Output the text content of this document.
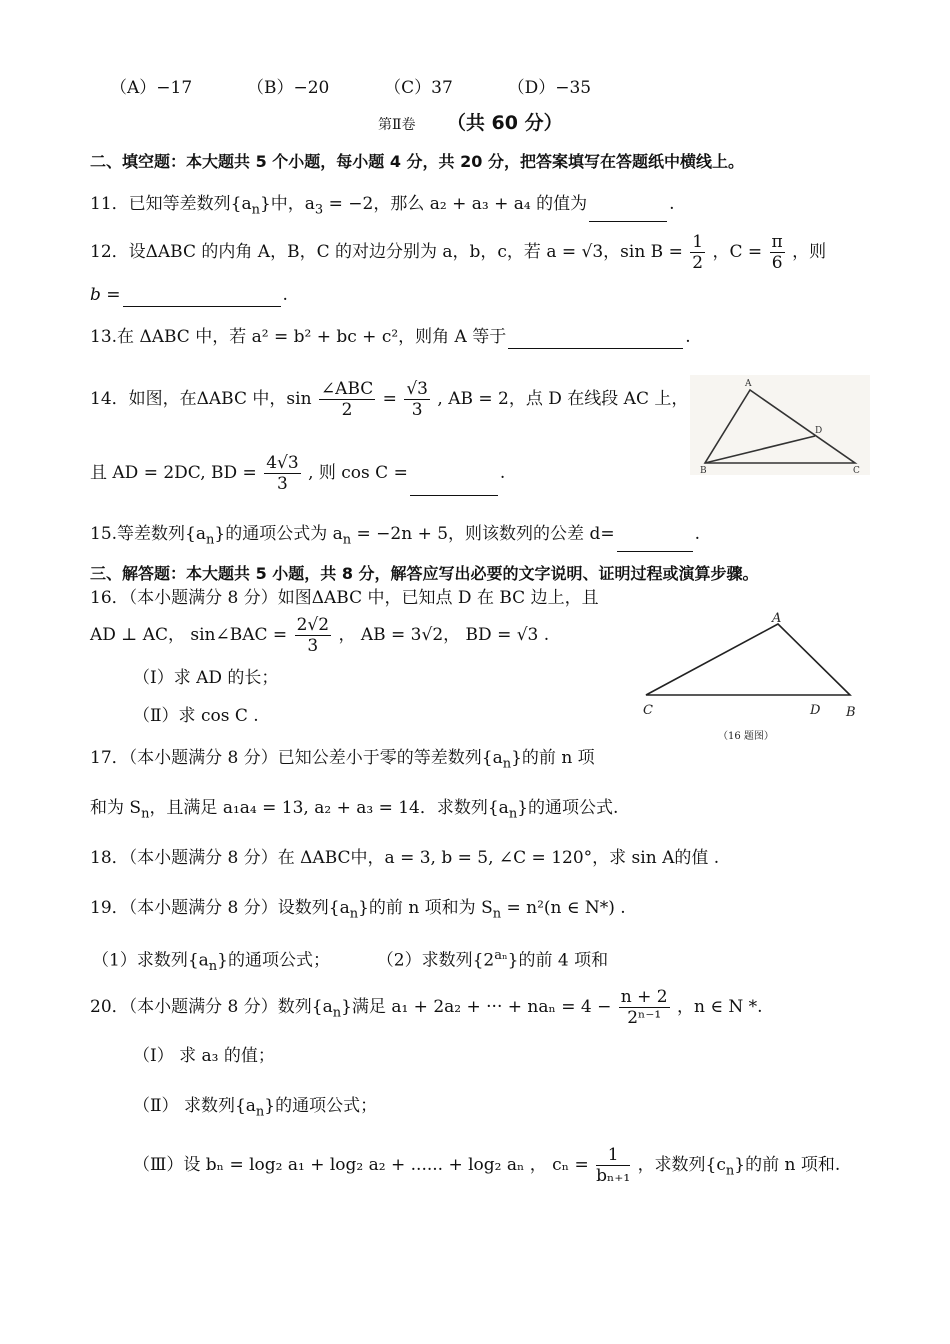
（A）−17	（B）−20	（C）37	（D）−35
第Ⅱ卷 （共 60 分）
二、填空题：本大题共 5 个小题，每小题 4 分，共 20 分，把答案填写在答题纸中横线上。
11．已知等差数列$\{a_n\}$中，$a_3 = -2$，那么 a₂ + a₃ + a₄ 的值为	.
12．设ΔABC 的内角 A，B，C 的对边分别为 a，b，c，若 a = √3，$\sin B = \frac{1}{2}$ ，$C = \frac{\pi}{6}$ ，则
b =	.
13.在 ΔABC 中，若 a² = b² + bc + c²，则角 A 等于	.
14．如图，在ΔABC 中，$\sin \frac{\text{∠ABC}}{2} = \frac{√3}{3}$ , AB = 2，点 D 在线段 AC 上，
且 AD = 2DC, BD = $\frac{4√3}{3}$ , 则 cos C =	.
A
B	C
D
15.等差数列$\{a_n\}$的通项公式为 $a_n = -2n + 5$，则该数列的公差 d=	.
三、解答题：本大题共 5 小题，共 8 分，解答应写出必要的文字说明、证明过程或演算步骤。
16．（本小题满分 8 分）如图ΔABC 中，已知点 D 在 BC 边上，且
AD ⊥ AC， sin∠BAC = $\frac{2√2}{3}$ ， AB = 3√2， BD = √3 .
（Ⅰ）求 AD 的长；
（Ⅱ）求 cos C .
A
C	D B
（16 题图）
17．（本小题满分 8 分）已知公差小于零的等差数列$\{a_n\}$的前 n 项
和为 $S_n$，且满足 a₁a₄ = 13, a₂ + a₃ = 14．求数列$\{a_n\}$的通项公式.
18．（本小题满分 8 分）在 ΔABC中，a = 3, b = 5, ∠C = 120°，求 sin A的值 .
19．（本小题满分 8 分）设数列$\{a_n\}$的前 n 项和为 $S_n = n^2(n$ ∈ N*) .
（1）求数列$\{a_n\}$的通项公式；	（2）求数列$\{2^{a_n}\}$的前 4 项和
20．（本小题满分 8 分）数列$\{a_n\}$满足 a₁ + 2a₂ + ··· + $na_n = 4 - \frac{n + 2}{\text{2ⁿ⁻¹}}$ ，n ∈ N *.
（Ⅰ） 求 a₃ 的值；
（Ⅱ） 求数列$\{a_n\}$的通项公式；
（Ⅲ）设 bₙ = log₂ a₁ + log₂ a₂ + ...... + log₂ aₙ ， $c_n = \frac{1}{\text{bₙ₊₁}}$ ，求数列$\{c_n\}$的前 n 项和.
